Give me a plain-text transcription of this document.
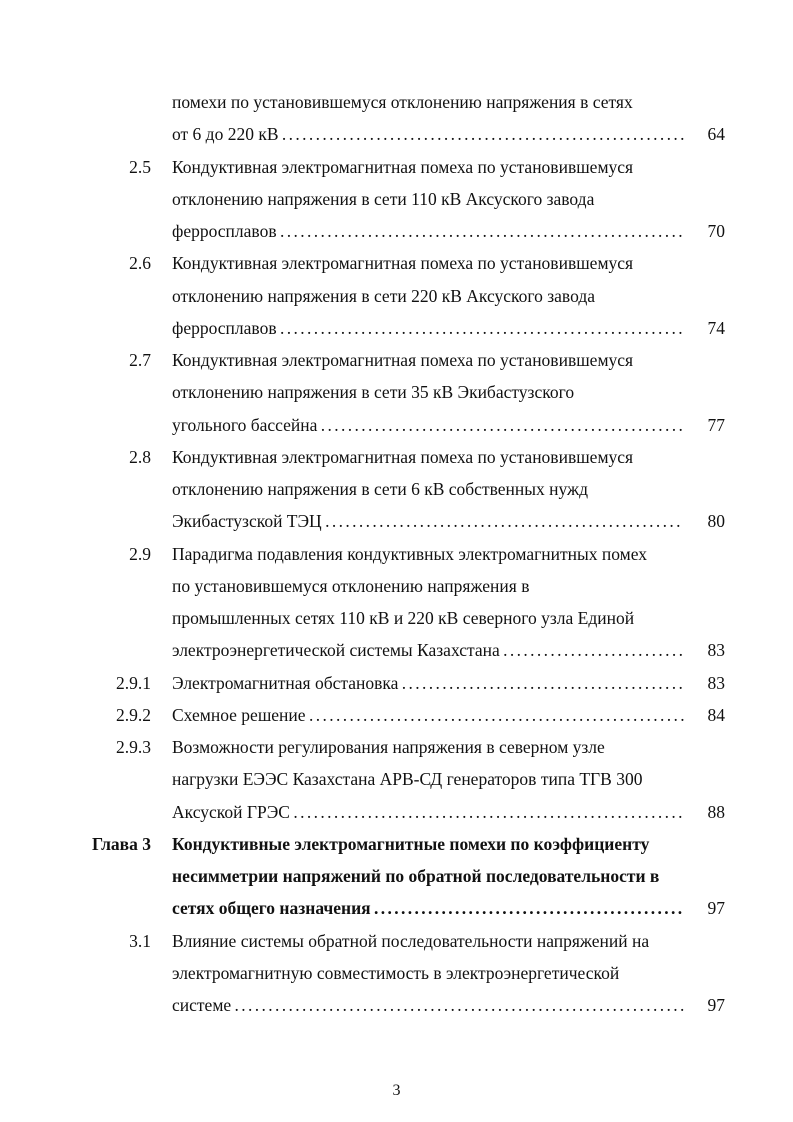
помехи по установившемуся отклонению напряжения в сетях
от 6 до 220 кВ . . .	64
2.5 Кондуктивная электромагнитная помеха по установившемуся
отклонению напряжения в сети 110 кВ Аксуского завода
ферросплавов . . .	70
2.6 Кондуктивная электромагнитная помеха по установившемуся
отклонению напряжения в сети 220 кВ Аксуского завода
ферросплавов . . .	74
2.7 Кондуктивная электромагнитная помеха по установившемуся
отклонению напряжения в сети 35 кВ Экибастузского
угольного бассейна . . .	77
2.8 Кондуктивная электромагнитная помеха по установившемуся
отклонению напряжения в сети 6 кВ собственных нужд
Экибастузской ТЭЦ . . .	80
2.9 Парадигма подавления кондуктивных электромагнитных помех
по установившемуся отклонению напряжения в
промышленных сетях 110 кВ и 220 кВ северного узла Единой
электроэнергетической системы Казахстана . . .	83
2.9.1 Электромагнитная обстановка . . .	83
2.9.2 Схемное решение . . .	84
2.9.3 Возможности регулирования напряжения в северном узле
нагрузки ЕЭЭС Казахстана АРВ-СД генераторов типа ТГВ 300
Аксуской ГРЭС . . .	88
Глава 3 Кондуктивные электромагнитные помехи по коэффициенту
несимметрии напряжений по обратной последовательности в
сетях общего назначения . . .	97
3.1 Влияние системы обратной последовательности напряжений на
электромагнитную совместимость в электроэнергетической
системе . . .	97
3
